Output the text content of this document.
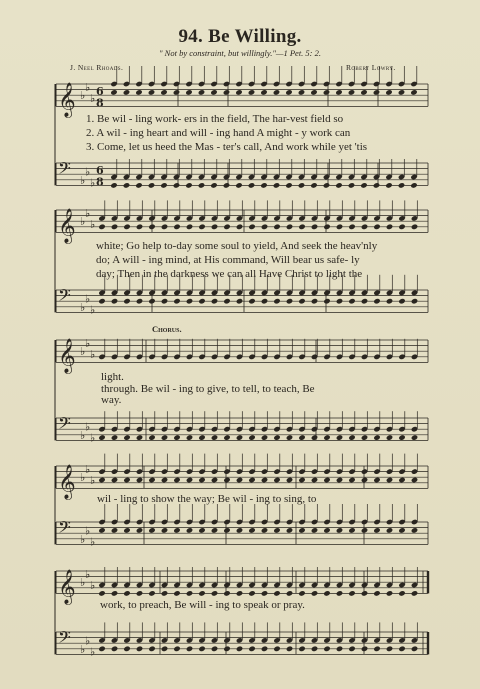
94. Be Willing.
" Not by constraint, but willingly."—1 Pet. 5: 2.
J. Neel Rhoads.	Robert Lowry.
𝄞 ♭
♭
♭
6
8
𝄢 ♭
♭
♭
6
8
𝄞 ♭
♭
♭
𝄢 ♭
♭
♭
𝄞 ♭
♭
♭
𝄢 ♭
♭
♭
𝄞 ♭
♭
♭
𝄢 ♭
♭
♭
𝄞 ♭
♭
♭
𝄢 ♭
♭
♭
1. Be wil - ling work- ers in the field, The har-vest field so
2. A wil - ing heart and will - ing hand A might - y work can
3. Come, let us heed the Mas - ter's call, And work while yet 'tis
white; Go help to-day some soul to yield, And seek the heav'nly
do; A will - ing mind, at His command, Will bear us safe- ly
day; Then in the darkness we can all Have Christ to light the
Chorus.
light.
through. Be wil - ing to give, to tell, to teach, Be
way.
wil - ling to show the way; Be wil - ing to sing, to
work, to preach, Be will - ing to speak or pray.
